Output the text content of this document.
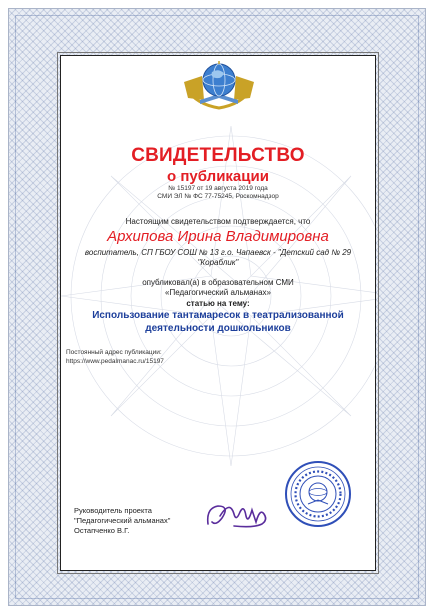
СВИДЕТЕЛЬСТВО
о публикации
№ 15197 от 19 августа 2019 года
СМИ ЭЛ № ФС 77-75245, Роскомнадзор
Настоящим свидетельством подтверждается, что
Архипова Ирина Владимировна
воспитатель, СП ГБОУ СОШ № 13 г.о. Чапаевск - "Детский сад № 29
"Кораблик"
опубликовал(а) в образовательном СМИ
«Педагогический альманах»
статью на тему:
Использование тантамаресок в театрализованной
деятельности дошкольников
Постоянный адрес публикации:
https://www.pedalmanac.ru/15197
Руководитель проекта
"Педагогический альманах"
Остапченко В.Г.
